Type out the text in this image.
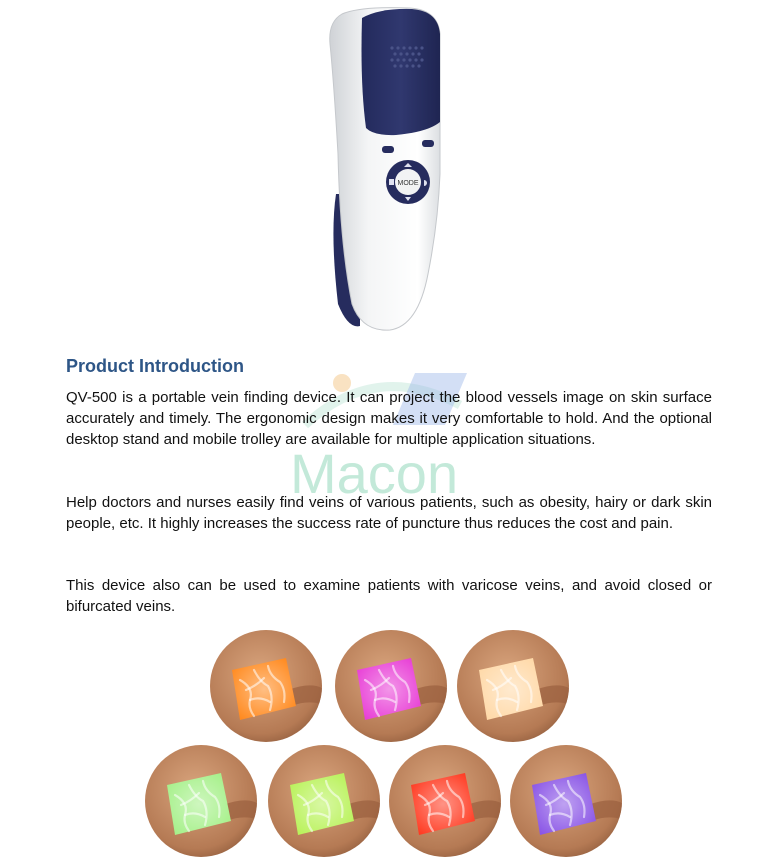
MODE
Macon
Product Introduction

QV-500 is a portable vein finding device. It can project the blood vessels image on skin surface accurately and timely. The ergonomic design makes it very comfortable to hold. And the optional desktop stand and mobile trolley are available for multiple application situations.

Help doctors and nurses easily find veins of various patients, such as obesity, hairy or dark skin people, etc. It highly increases the success rate of puncture thus reduces the cost and pain.

This device also can be used to examine patients with varicose veins, and avoid closed or bifurcated veins.
